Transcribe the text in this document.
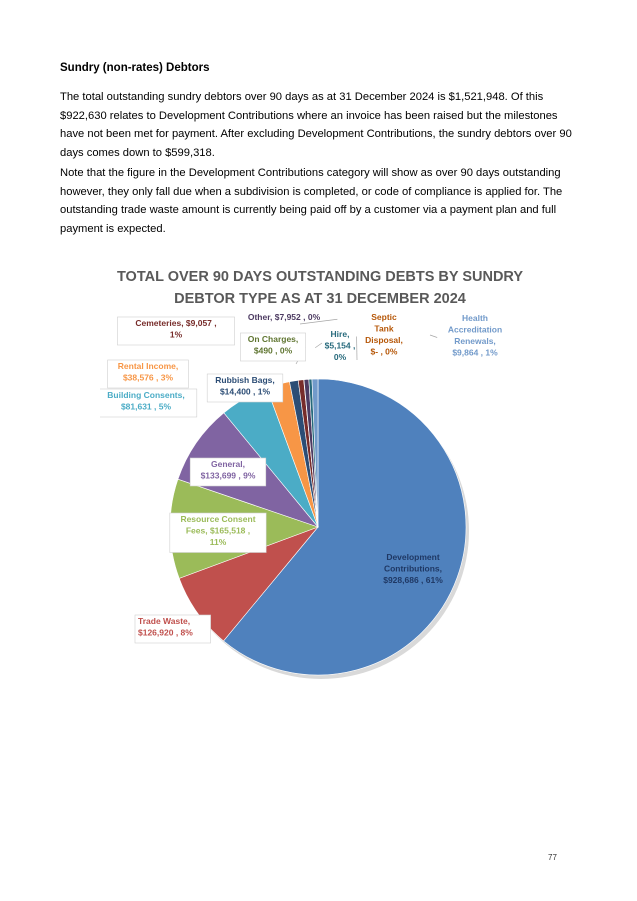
Sundry (non-rates) Debtors

The total outstanding sundry debtors over 90 days as at 31 December 2024 is $1,521,948. Of this $922,630 relates to Development Contributions where an invoice has been raised but the milestones have not been met for payment. After excluding Development Contributions, the sundry debtors over 90 days comes down to $599,318.

Note that the figure in the Development Contributions category will show as over 90 days outstanding however, they only fall due when a subdivision is completed, or code of compliance is applied for. The outstanding trade waste amount is currently being paid off by a customer via a payment plan and full payment is expected.

TOTAL OVER 90 DAYS OUTSTANDING DEBTS BY SUNDRY
DEBTOR TYPE AS AT 31 DECEMBER 2024
Development
Contributions,
$928,686 , 61%
Trade Waste,
$126,920 , 8%
Resource Consent
Fees, $165,518 ,
11%
General,
$133,699 , 9%
Building Consents,
$81,631 , 5%
Rental Income,
$38,576 , 3%	Rubbish Bags,
$14,400 , 1%
Cemeteries, $9,057 ,
1%	On Charges,
$490 , 0%
Other, $7,952 , 0%
Hire,
$5,154 ,
0%
Septic
Tank
Disposal,
$- , 0%
Health
Accreditation
Renewals,
$9,864 , 1%
77
